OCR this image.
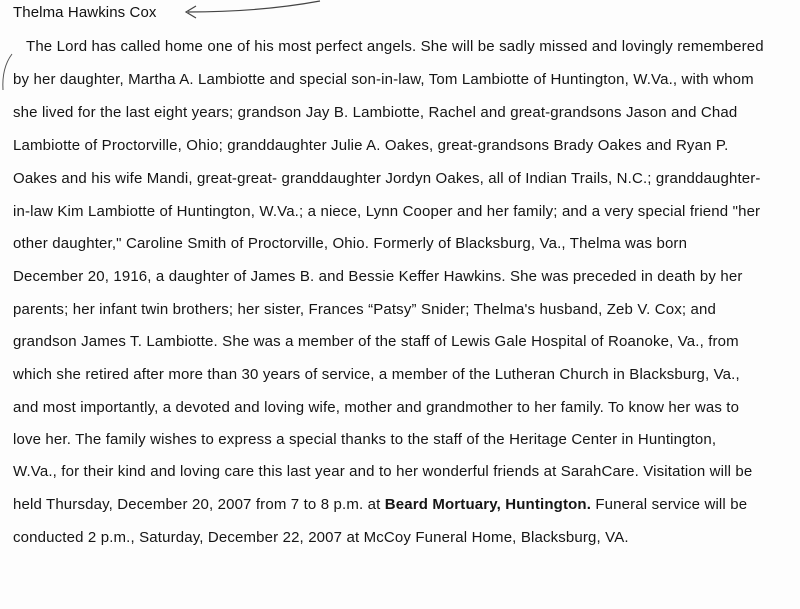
Thelma Hawkins Cox
The Lord has called home one of his most perfect angels. She will be sadly missed and lovingly remembered
by her daughter, Martha A. Lambiotte and special son-in-law, Tom Lambiotte of Huntington, W.Va., with whom
she lived for the last eight years; grandson Jay B. Lambiotte, Rachel and great-grandsons Jason and Chad
Lambiotte of Proctorville, Ohio; granddaughter Julie A. Oakes, great-grandsons Brady Oakes and Ryan P.
Oakes and his wife Mandi, great-great- granddaughter Jordyn Oakes, all of Indian Trails, N.C.; granddaughter-
in-law Kim Lambiotte of Huntington, W.Va.; a niece, Lynn Cooper and her family; and a very special friend "her
other daughter," Caroline Smith of Proctorville, Ohio. Formerly of Blacksburg, Va., Thelma was born
December 20, 1916, a daughter of James B. and Bessie Keffer Hawkins. She was preceded in death by her
parents; her infant twin brothers; her sister, Frances “Patsy” Snider; Thelma's husband, Zeb V. Cox; and
grandson James T. Lambiotte. She was a member of the staff of Lewis Gale Hospital of Roanoke, Va., from
which she retired after more than 30 years of service, a member of the Lutheran Church in Blacksburg, Va.,
and most importantly, a devoted and loving wife, mother and grandmother to her family. To know her was to
love her. The family wishes to express a special thanks to the staff of the Heritage Center in Huntington,
W.Va., for their kind and loving care this last year and to her wonderful friends at SarahCare. Visitation will be
held Thursday, December 20, 2007 from 7 to 8 p.m. at Beard Mortuary, Huntington. Funeral service will be
conducted 2 p.m., Saturday, December 22, 2007 at McCoy Funeral Home, Blacksburg, VA.
